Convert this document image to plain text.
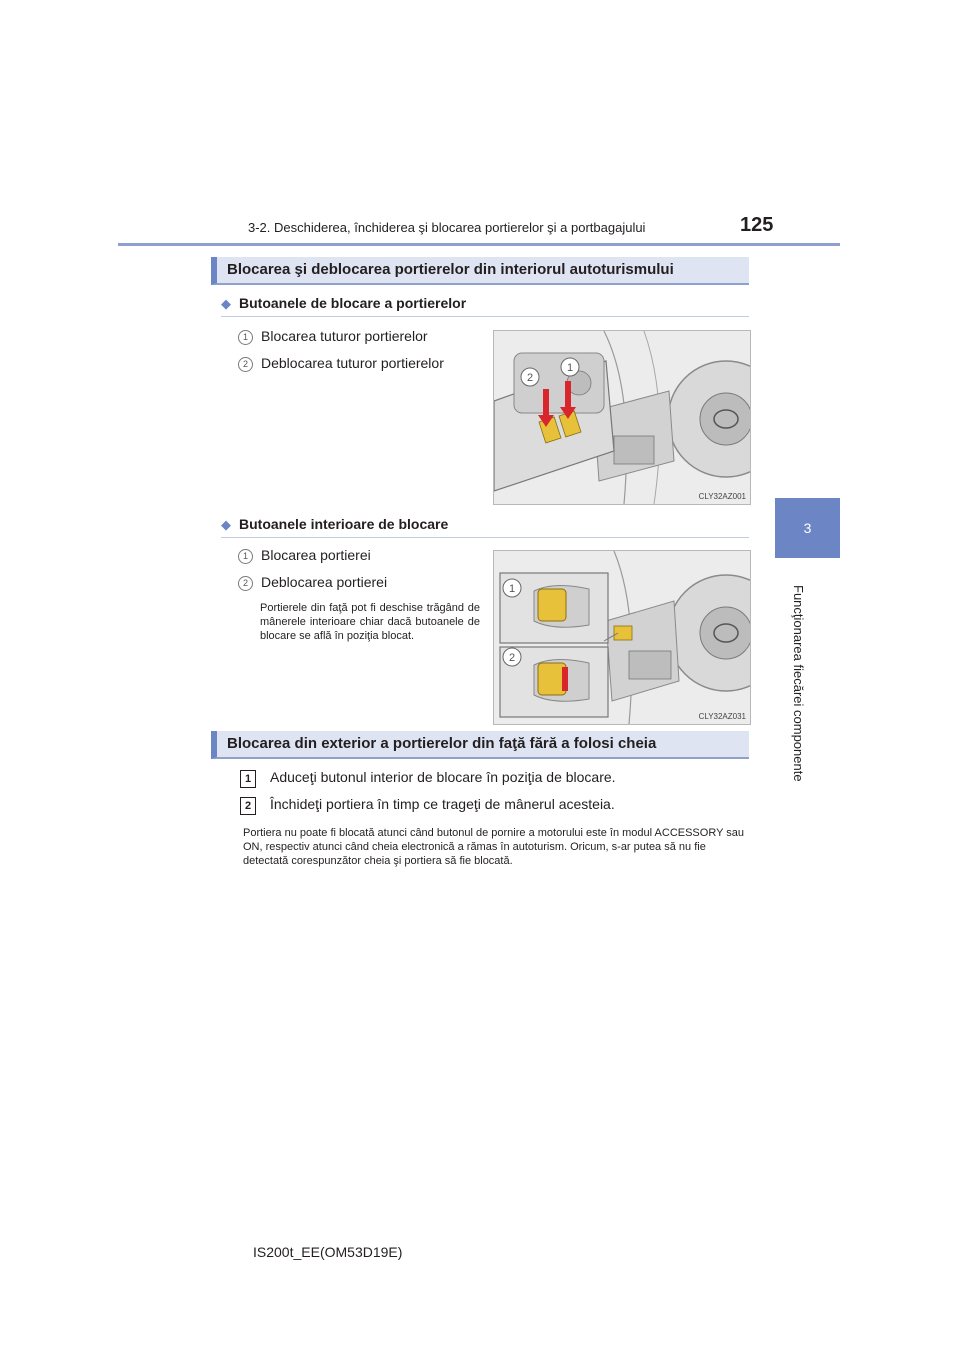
3-2. Deschiderea, închiderea şi blocarea portierelor şi a portbagajului	125
3
Funcţionarea fiecărei componente
Blocarea şi deblocarea portierelor din interiorul autoturismului
◆ Butoanele de blocare a portierelor
1 Blocarea tuturor portierelor
2 Deblocarea tuturor portierelor
2
1
CLY32AZ001
◆ Butoanele interioare de blocare
1 Blocarea portierei
2 Deblocarea portierei
Portierele din faţă pot fi deschise trăgând de mânerele interioare chiar dacă butoanele de blocare se află în poziţia blocat.
1
2
CLY32AZ031
Blocarea din exterior a portierelor din faţă fără a folosi cheia
1 Aduceţi butonul interior de blocare în poziţia de blocare.
2 Închideţi portiera în timp ce trageţi de mânerul acesteia.
Portiera nu poate fi blocată atunci când butonul de pornire a motorului este în modul ACCESSORY sau ON, respectiv atunci când cheia electronică a rămas în autoturism. Oricum, s-ar putea să nu fie detectată corespunzător cheia şi portiera să fie blocată.
IS200t_EE(OM53D19E)
